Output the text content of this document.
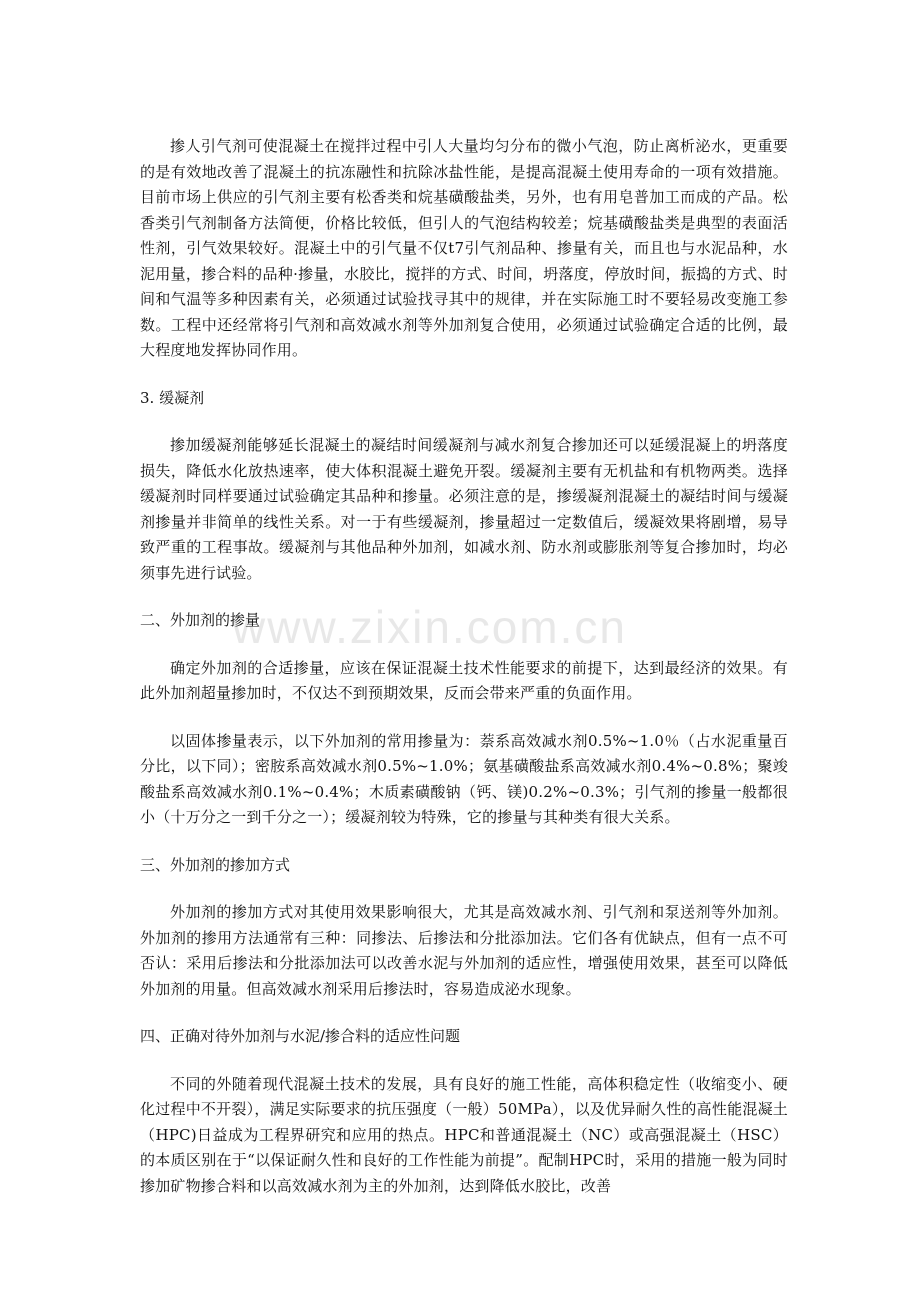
www.zixin.com.cn

掺人引气剂可使混凝土在搅拌过程中引人大量均匀分布的微小气泡，防止离析泌水，更重要的是有效地改善了混凝土的抗冻融性和抗除冰盐性能，是提高混凝土使用寿命的一项有效措施。目前市场上供应的引气剂主要有松香类和烷基磺酸盐类，另外，也有用皂普加工而成的产品。松香类引气剂制备方法简便，价格比较低，但引人的气泡结构较差；烷基磺酸盐类是典型的表面活性剂，引气效果较好。混凝土中的引气量不仅t7引气剂品种、掺量有关，而且也与水泥品种，水泥用量，掺合料的品种·掺量，水胶比，搅拌的方式、时间，坍落度，停放时间，振捣的方式、时间和气温等多种因素有关，必须通过试验找寻其中的规律，并在实际施工时不要轻易改变施工参数。工程中还经常将引气剂和高效减水剂等外加剂复合使用，必须通过试验确定合适的比例，最大程度地发挥协同作用。

3. 缓凝剂

掺加缓凝剂能够延长混凝土的凝结时间缓凝剂与减水剂复合掺加还可以延缓混凝上的坍落度损失，降低水化放热速率，使大体积混凝土避免开裂。缓凝剂主要有无机盐和有机物两类。选择缓凝剂时同样要通过试验确定其品种和掺量。必须注意的是，掺缓凝剂混凝土的凝结时间与缓凝剂掺量并非简单的线性关系。对一于有些缓凝剂，掺量超过一定数值后，缓凝效果将剧增，易导致严重的工程事故。缓凝剂与其他品种外加剂，如减水剂、防水剂或膨胀剂等复合掺加时，均必须事先进行试验。

二、外加剂的掺量

确定外加剂的合适掺量，应该在保证混凝土技术性能要求的前提下，达到最经济的效果。有此外加剂超量掺加时，不仅达不到预期效果，反而会带来严重的负面作用。

以固体掺量表示，以下外加剂的常用掺量为：萘系高效减水剂0.5%~1.0％（占水泥重量百分比，以下同）；密胺系高效减水剂0.5%~1.0%；氨基磺酸盐系高效减水剂0.4%~0.8%；聚竣酸盐系高效减水剂0.1%~0.4%；木质素磺酸钠（钙、镁)0.2%~0.3%；引气剂的掺量一般都很小（十万分之一到千分之一）；缓凝剂较为特殊，它的掺量与其种类有很大关系。

三、外加剂的掺加方式

外加剂的掺加方式对其使用效果影响很大，尤其是高效减水剂、引气剂和泵送剂等外加剂。外加剂的掺用方法通常有三种：同掺法、后掺法和分批添加法。它们各有优缺点，但有一点不可否认：采用后掺法和分批添加法可以改善水泥与外加剂的适应性，增强使用效果，甚至可以降低外加剂的用量。但高效减水剂采用后掺法时，容易造成泌水现象。

四、正确对待外加剂与水泥/掺合料的适应性问题

不同的外随着现代混凝土技术的发展，具有良好的施工性能，高体积稳定性（收缩变小、硬化过程中不开裂），满足实际要求的抗压强度（一般）50MPa），以及优异耐久性的高性能混凝土（HPC)日益成为工程界研究和应用的热点。HPC和普通混凝土（NC）或高强混凝土（HSC）的本质区别在于“以保证耐久性和良好的工作性能为前提”。配制HPC时，采用的措施一般为同时掺加矿物掺合料和以高效减水剂为主的外加剂，达到降低水胶比，改善
